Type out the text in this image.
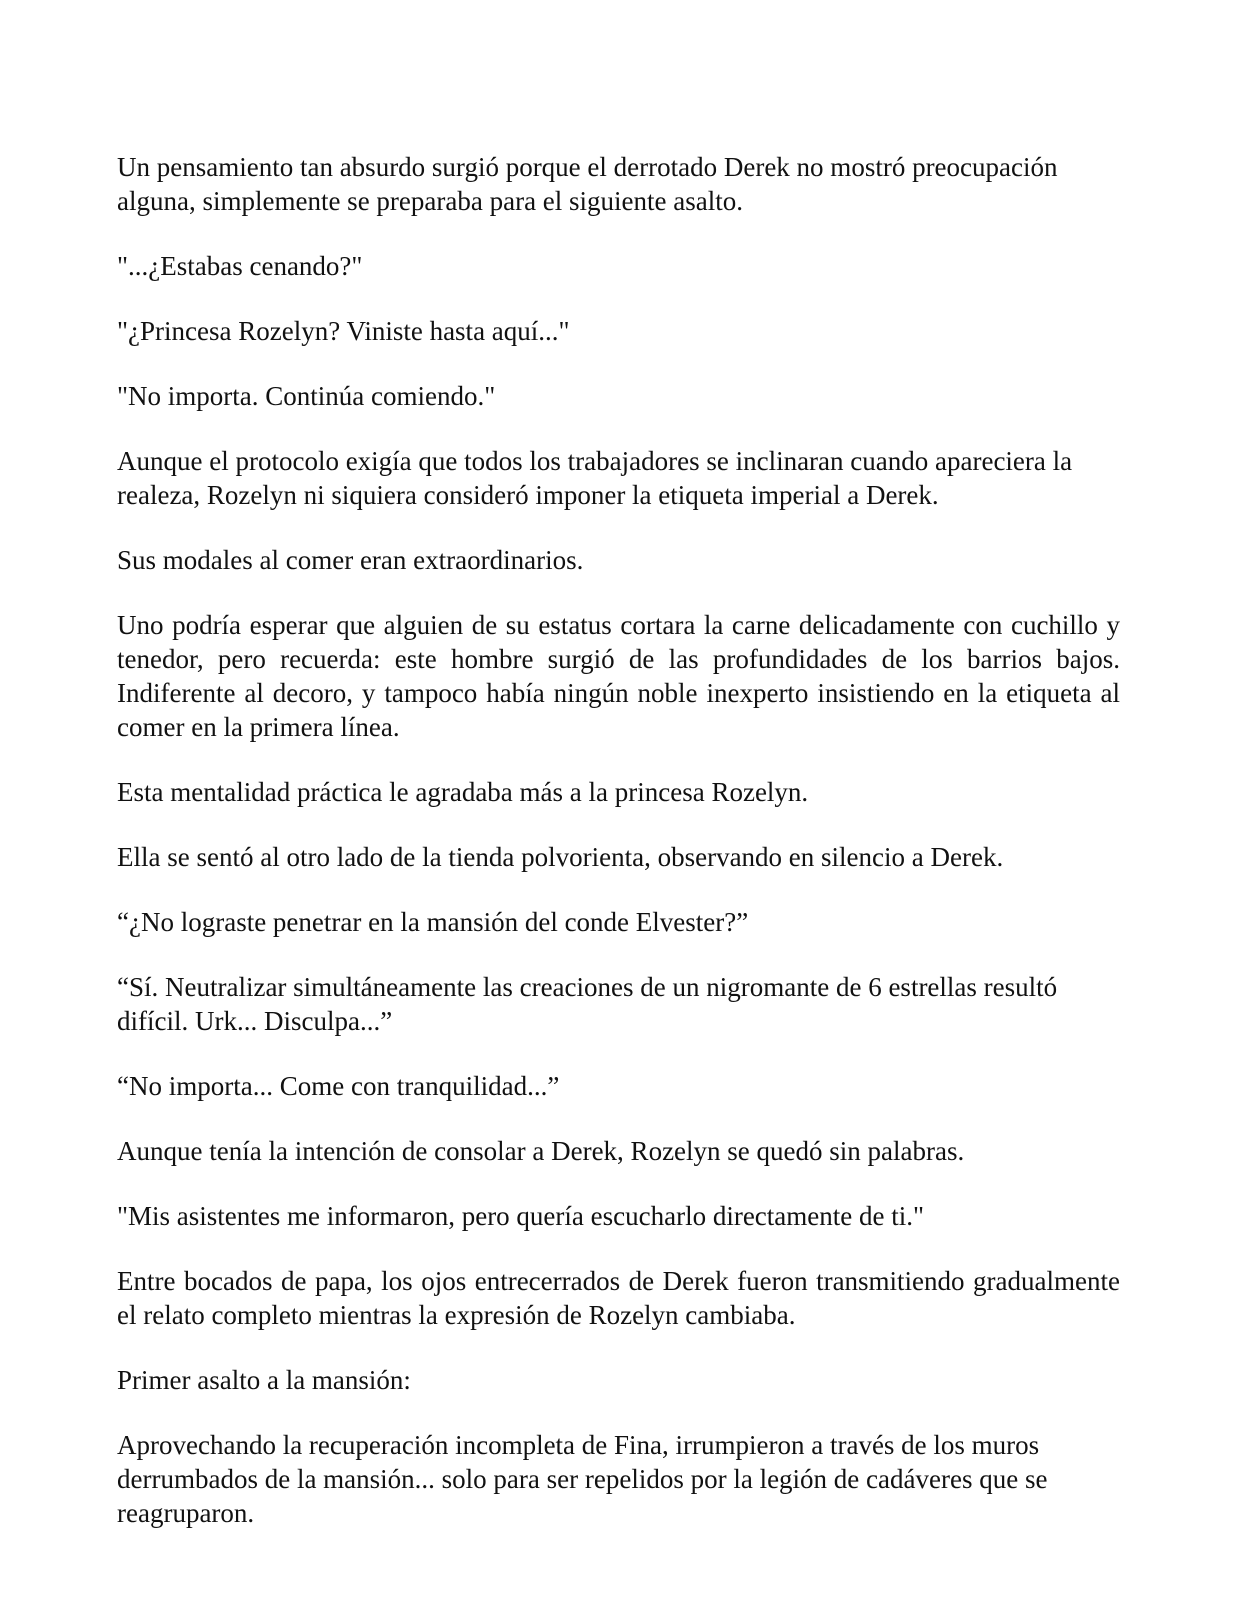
Un pensamiento tan absurdo surgió porque el derrotado Derek no mostró preocupación alguna, simplemente se preparaba para el siguiente asalto.

"...¿Estabas cenando?"

"¿Princesa Rozelyn? Viniste hasta aquí..."

"No importa. Continúa comiendo."

Aunque el protocolo exigía que todos los trabajadores se inclinaran cuando apareciera la realeza, Rozelyn ni siquiera consideró imponer la etiqueta imperial a Derek.

Sus modales al comer eran extraordinarios.

Uno podría esperar que alguien de su estatus cortara la carne delicadamente con cuchillo y tenedor, pero recuerda: este hombre surgió de las profundidades de los barrios bajos. Indiferente al decoro, y tampoco había ningún noble inexperto insistiendo en la etiqueta al comer en la primera línea.

Esta mentalidad práctica le agradaba más a la princesa Rozelyn.

Ella se sentó al otro lado de la tienda polvorienta, observando en silencio a Derek.

“¿No lograste penetrar en la mansión del conde Elvester?”

“Sí. Neutralizar simultáneamente las creaciones de un nigromante de 6 estrellas resultó difícil. Urk... Disculpa...”

“No importa... Come con tranquilidad...”

Aunque tenía la intención de consolar a Derek, Rozelyn se quedó sin palabras.

"Mis asistentes me informaron, pero quería escucharlo directamente de ti."

Entre bocados de papa, los ojos entrecerrados de Derek fueron transmitiendo gradualmente el relato completo mientras la expresión de Rozelyn cambiaba.

Primer asalto a la mansión:

Aprovechando la recuperación incompleta de Fina, irrumpieron a través de los muros derrumbados de la mansión... solo para ser repelidos por la legión de cadáveres que se reagruparon.
